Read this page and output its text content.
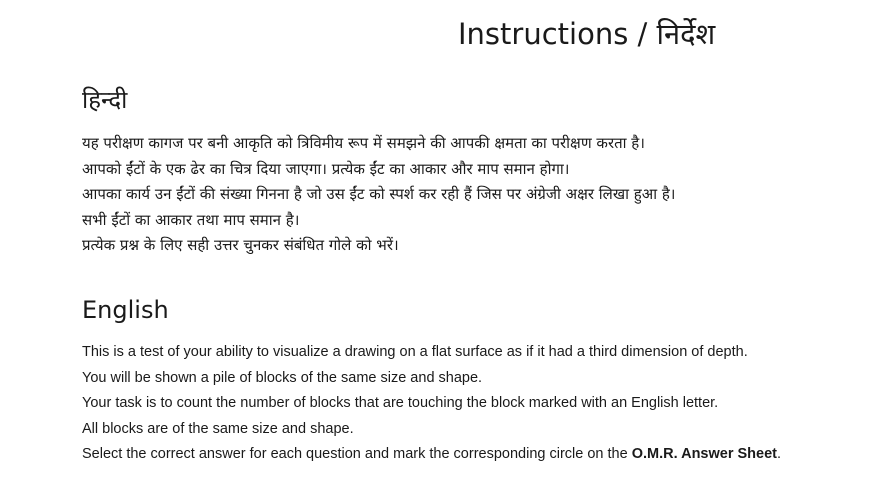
Instructions / निर्देश
हिन्दी
यह परीक्षण कागज पर बनी आकृति को त्रिविमीय रूप में समझने की आपकी क्षमता का परीक्षण करता है।
आपको ईंटों के एक ढेर का चित्र दिया जाएगा। प्रत्येक ईंट का आकार और माप समान होगा।
आपका कार्य उन ईंटों की संख्या गिनना है जो उस ईंट को स्पर्श कर रही हैं जिस पर अंग्रेजी अक्षर लिखा हुआ है।
सभी ईंटों का आकार तथा माप समान है।
प्रत्येक प्रश्न के लिए सही उत्तर चुनकर संबंधित गोले को भरें।
English
This is a test of your ability to visualize a drawing on a flat surface as if it had a third dimension of depth.
You will be shown a pile of blocks of the same size and shape.
Your task is to count the number of blocks that are touching the block marked with an English letter.
All blocks are of the same size and shape.
Select the correct answer for each question and mark the corresponding circle on the O.M.R. Answer Sheet.
